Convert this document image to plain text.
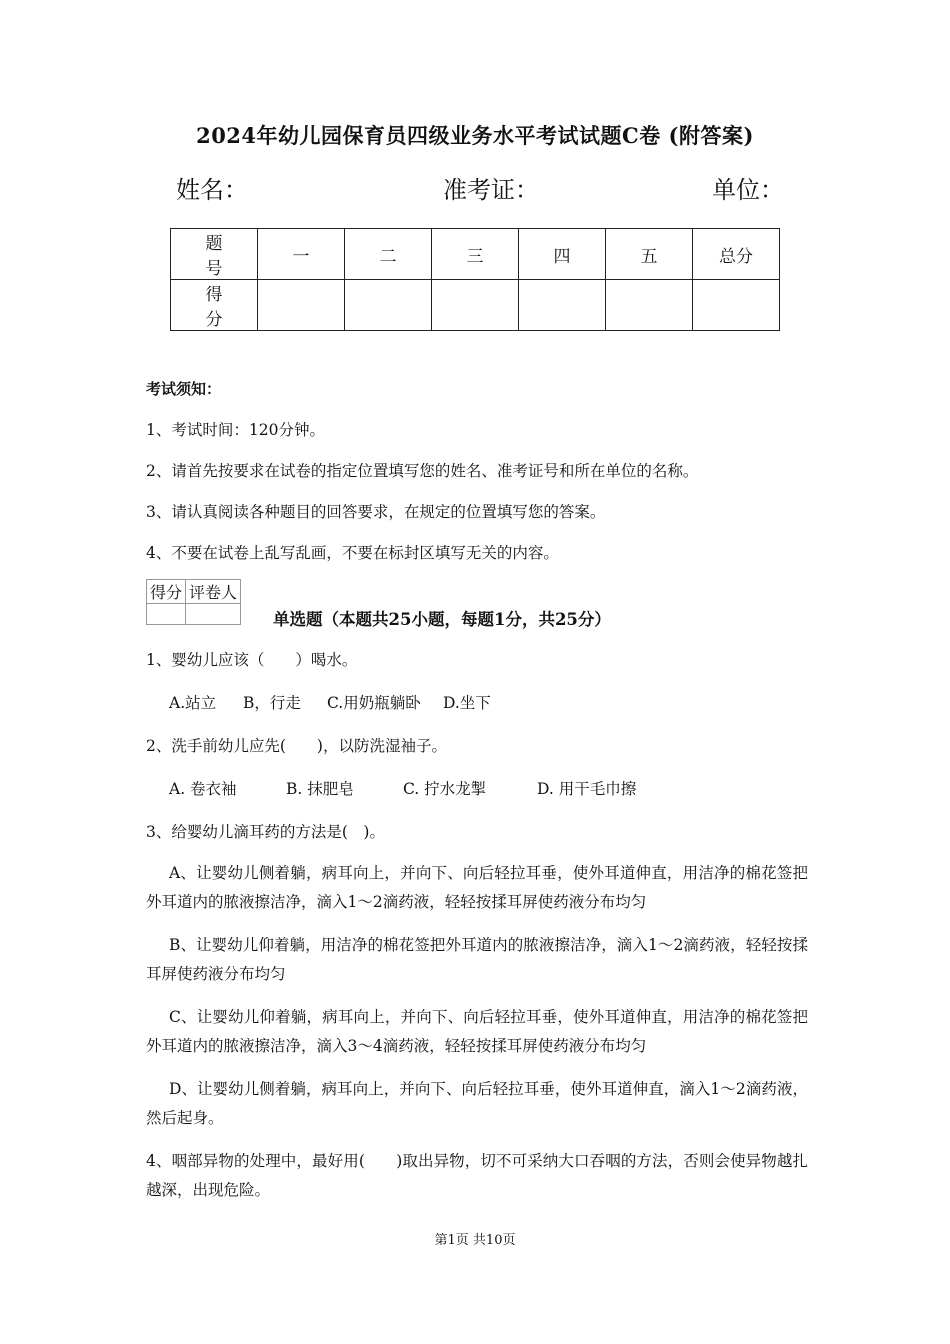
2024年幼儿园保育员四级业务水平考试试题C卷 (附答案)
姓名：	准考证：	单位：
题　号	一	二	三	四	五	总分
得　分						
考试须知：
1、考试时间：120分钟。
2、请首先按要求在试卷的指定位置填写您的姓名、准考证号和所在单位的名称。
3、请认真阅读各种题目的回答要求，在规定的位置填写您的答案。
4、不要在试卷上乱写乱画，不要在标封区填写无关的内容。
得分	评卷人

单选题（本题共25小题，每题1分，共25分）
1、婴幼儿应该（　　）喝水。
A.站立 B，行走 C.用奶瓶躺卧 D.坐下
2、洗手前幼儿应先(　　)，以防洗湿袖子。
A. 卷衣袖	B. 抹肥皂	C. 拧水龙掣	D. 用干毛巾擦
3、给婴幼儿滴耳药的方法是(　)。
A、让婴幼儿侧着躺，病耳向上，并向下、向后轻拉耳垂，使外耳道伸直，用洁净的棉花签把外耳道内的脓液擦洁净，滴入1～2滴药液，轻轻按揉耳屏使药液分布均匀
B、让婴幼儿仰着躺，用洁净的棉花签把外耳道内的脓液擦洁净，滴入1～2滴药液，轻轻按揉耳屏使药液分布均匀
C、让婴幼儿仰着躺，病耳向上，并向下、向后轻拉耳垂，使外耳道伸直，用洁净的棉花签把外耳道内的脓液擦洁净，滴入3～4滴药液，轻轻按揉耳屏使药液分布均匀
D、让婴幼儿侧着躺，病耳向上，并向下、向后轻拉耳垂，使外耳道伸直，滴入1～2滴药液，然后起身。
4、咽部异物的处理中，最好用(　　)取出异物，切不可采纳大口吞咽的方法，否则会使异物越扎越深，出现危险。
第1页 共10页
